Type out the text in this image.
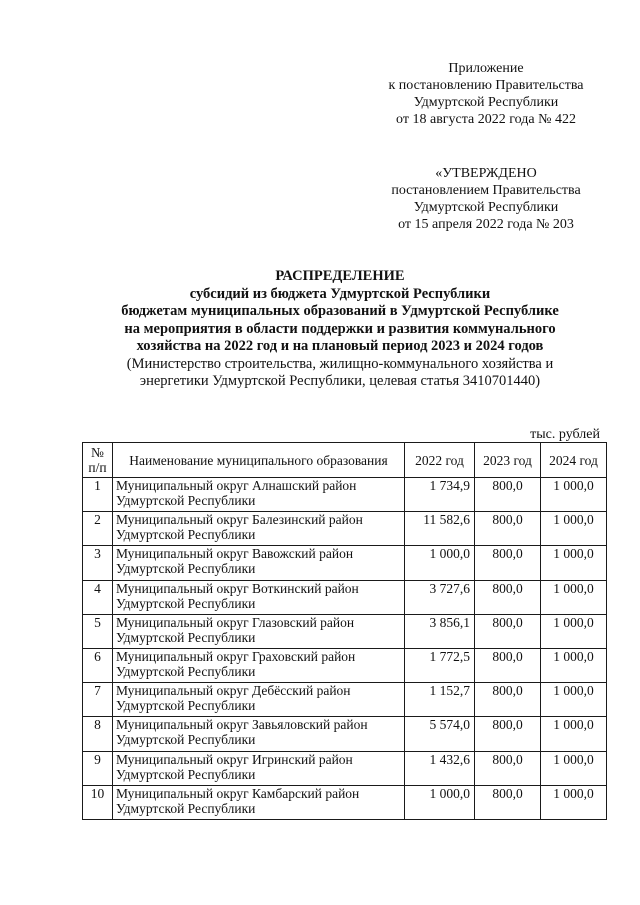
Приложение
к постановлению Правительства
Удмуртской Республики
от 18 августа 2022 года № 422
«УТВЕРЖДЕНО
постановлением Правительства
Удмуртской Республики
от 15 апреля 2022 года № 203
РАСПРЕДЕЛЕНИЕ
субсидий из бюджета Удмуртской Республики
бюджетам муниципальных образований в Удмуртской Республике
на мероприятия в области поддержки и развития коммунального
хозяйства на 2022 год и на плановый период 2023 и 2024 годов
(Министерство строительства, жилищно-коммунального хозяйства и
энергетики Удмуртской Республики, целевая статья 3410701440)
тыс. рублей
№ п/п	Наименование муниципального образования	2022 год	2023 год	2024 год
1	Муниципальный округ Алнашский район Удмуртской Республики	1 734,9	800,0	1 000,0
2	Муниципальный округ Балезинский район Удмуртской Республики	11 582,6	800,0	1 000,0
3	Муниципальный округ Вавожский район Удмуртской Республики	1 000,0	800,0	1 000,0
4	Муниципальный округ Воткинский район Удмуртской Республики	3 727,6	800,0	1 000,0
5	Муниципальный округ Глазовский район Удмуртской Республики	3 856,1	800,0	1 000,0
6	Муниципальный округ Граховский район Удмуртской Республики	1 772,5	800,0	1 000,0
7	Муниципальный округ Дебёсский район Удмуртской Республики	1 152,7	800,0	1 000,0
8	Муниципальный округ Завьяловский район Удмуртской Республики	5 574,0	800,0	1 000,0
9	Муниципальный округ Игринский район Удмуртской Республики	1 432,6	800,0	1 000,0
10	Муниципальный округ Камбарский район Удмуртской Республики	1 000,0	800,0	1 000,0
